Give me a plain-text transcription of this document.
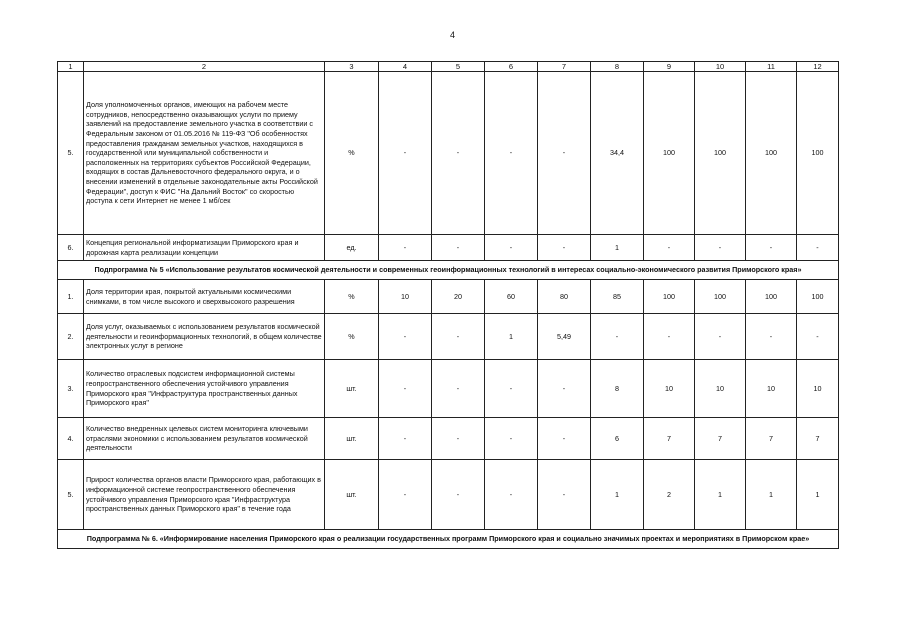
4
1	2	3	4	5	6	7	8	9	10	11	12
5.	Доля уполномоченных органов, имеющих на рабочем месте сотрудников, непосредственно оказывающих услуги по приему заявлений на предоставление земельного участка в соответствии с Федеральным законом от 01.05.2016 № 119-ФЗ "Об особенностях предоставления гражданам земельных участков, находящихся в государственной или муниципальной собственности и расположенных на территориях субъектов Российской Федерации, входящих в состав Дальневосточного федерального округа, и о внесении изменений в отдельные законодательные акты Российской Федерации", доступ к ФИС "На Дальний Восток" со скоростью доступа к сети Интернет не менее 1 мб/сек	%	-	-	-	-	34,4	100	100	100	100
6.	Концепция региональной информатизации Приморского края и дорожная карта реализации концепции	ед.	-	-	-	-	1	-	-	-	-
Подпрограмма № 5 «Использование результатов космической деятельности и современных геоинформационных технологий в интересах социально-экономического развития Приморского края»											
1.	Доля территории края, покрытой актуальными космическими снимками, в том числе высокого и сверхвысокого разрешения	%	10	20	60	80	85	100	100	100	100
2.	Доля услуг, оказываемых с использованием результатов космической деятельности и геоинформационных технологий, в общем количестве электронных услуг в регионе	%	-	-	1	5,49	-	-	-	-	-
3.	Количество отраслевых подсистем информационной системы геопространственного обеспечения устойчивого управления Приморского края "Инфраструктура пространственных данных Приморского края"	шт.	-	-	-	-	8	10	10	10	10
4.	Количество внедренных целевых систем мониторинга ключевыми отраслями экономики с использованием результатов космической деятельности	шт.	-	-	-	-	6	7	7	7	7
5.	Прирост количества органов власти Приморского края, работающих в информационной системе геопространственного обеспечения устойчивого управления Приморского края "Инфраструктура пространственных данных Приморского края" в течение года	шт.	-	-	-	-	1	2	1	1	1
Подпрограмма № 6. «Информирование населения Приморского края о реализации государственных программ Приморского края и социально значимых проектах и мероприятиях в Приморском крае»											
